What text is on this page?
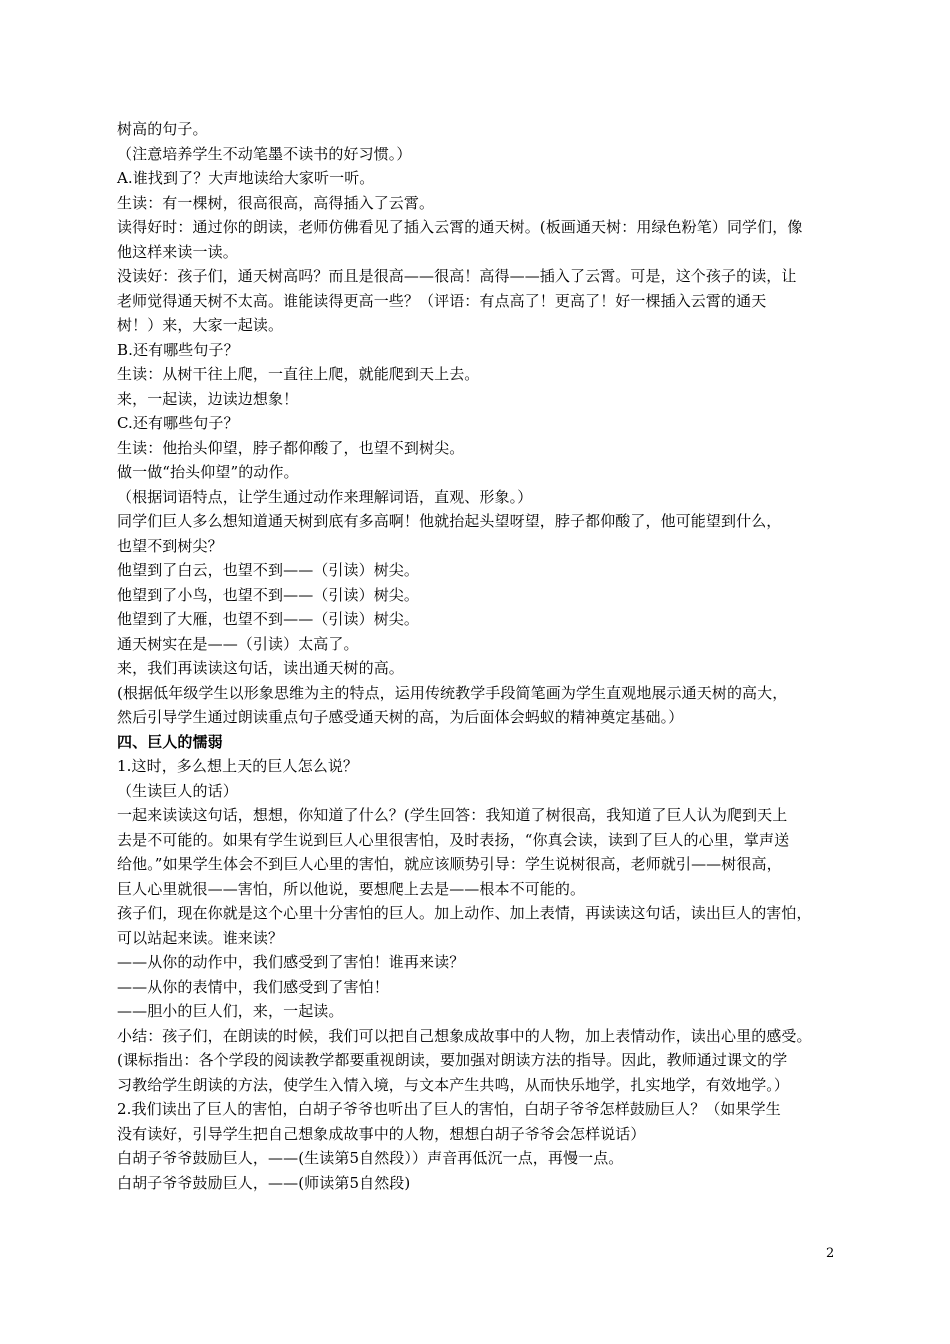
树高的句子。
（注意培养学生不动笔墨不读书的好习惯。）
A.谁找到了？大声地读给大家听一听。
生读：有一棵树，很高很高，高得插入了云霄。
读得好时：通过你的朗读，老师仿佛看见了插入云霄的通天树。(板画通天树：用绿色粉笔）同学们，像
他这样来读一读。
没读好：孩子们，通天树高吗？而且是很高——很高！高得——插入了云霄。可是，这个孩子的读，让
老师觉得通天树不太高。谁能读得更高一些？（评语：有点高了！更高了！好一棵插入云霄的通天
树！）来，大家一起读。
B.还有哪些句子？
生读：从树干往上爬，一直往上爬，就能爬到天上去。
来，一起读，边读边想象！
C.还有哪些句子？
生读：他抬头仰望，脖子都仰酸了，也望不到树尖。
做一做“抬头仰望”的动作。
（根据词语特点，让学生通过动作来理解词语，直观、形象。）
同学们巨人多么想知道通天树到底有多高啊！他就抬起头望呀望，脖子都仰酸了，他可能望到什么，
也望不到树尖？
他望到了白云，也望不到——（引读）树尖。
他望到了小鸟，也望不到——（引读）树尖。
他望到了大雁，也望不到——（引读）树尖。
通天树实在是——（引读）太高了。
来，我们再读读这句话，读出通天树的高。
(根据低年级学生以形象思维为主的特点，运用传统教学手段简笔画为学生直观地展示通天树的高大，
然后引导学生通过朗读重点句子感受通天树的高，为后面体会蚂蚁的精神奠定基础。）
四、巨人的懦弱
1.这时，多么想上天的巨人怎么说？
（生读巨人的话）
一起来读读这句话，想想，你知道了什么？(学生回答：我知道了树很高，我知道了巨人认为爬到天上
去是不可能的。如果有学生说到巨人心里很害怕，及时表扬，“你真会读，读到了巨人的心里，掌声送
给他。”如果学生体会不到巨人心里的害怕，就应该顺势引导：学生说树很高，老师就引——树很高，
巨人心里就很——害怕，所以他说，要想爬上去是——根本不可能的。
孩子们，现在你就是这个心里十分害怕的巨人。加上动作、加上表情，再读读这句话，读出巨人的害怕，
可以站起来读。谁来读？
——从你的动作中，我们感受到了害怕！谁再来读？
——从你的表情中，我们感受到了害怕！
——胆小的巨人们，来，一起读。
小结：孩子们，在朗读的时候，我们可以把自己想象成故事中的人物，加上表情动作，读出心里的感受。
(课标指出：各个学段的阅读教学都要重视朗读，要加强对朗读方法的指导。因此，教师通过课文的学
习教给学生朗读的方法，使学生入情入境，与文本产生共鸣，从而快乐地学，扎实地学，有效地学。）
2.我们读出了巨人的害怕，白胡子爷爷也听出了巨人的害怕，白胡子爷爷怎样鼓励巨人？（如果学生
没有读好，引导学生把自己想象成故事中的人物，想想白胡子爷爷会怎样说话）
白胡子爷爷鼓励巨人，——(生读第5自然段））声音再低沉一点，再慢一点。
白胡子爷爷鼓励巨人，——(师读第5自然段)
2
